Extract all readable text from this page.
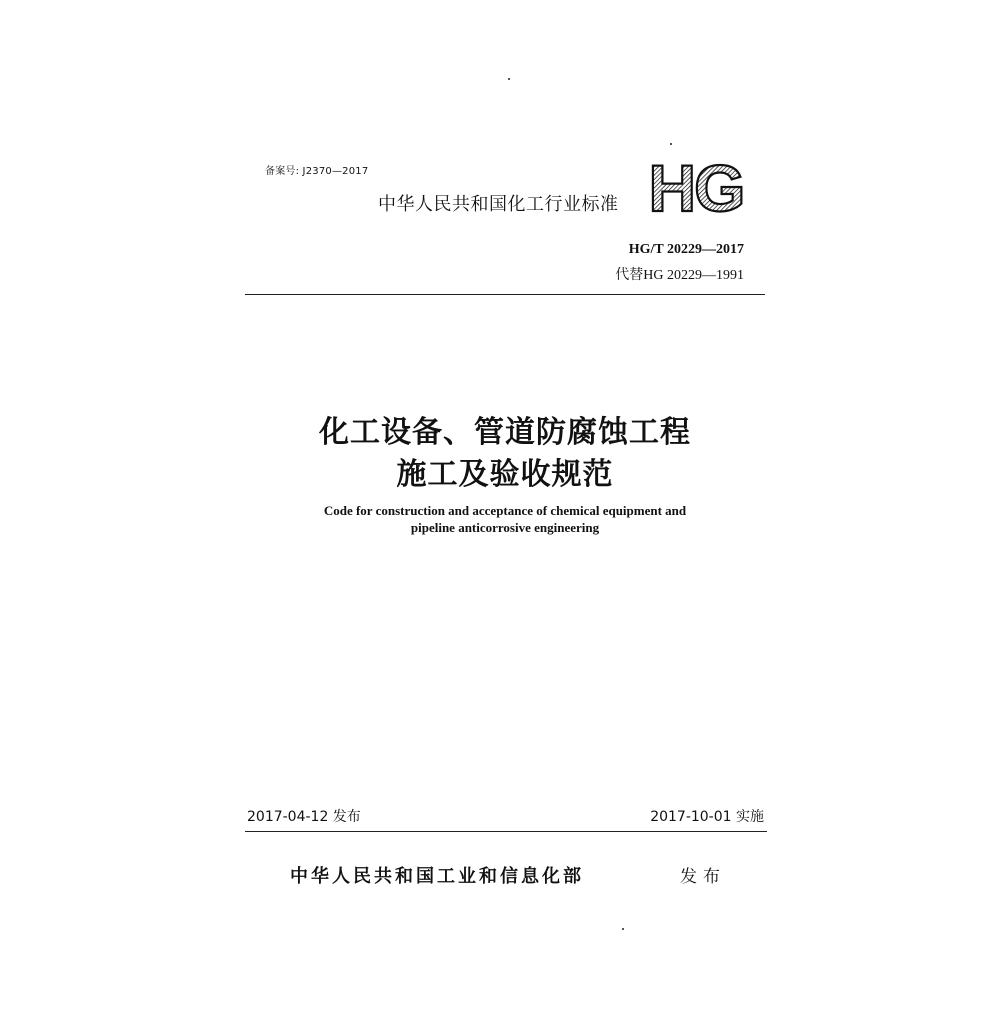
备案号: J2370—2017
中华人民共和国化工行业标准 HG
HG/T 20229—2017
代替HG 20229—1991
化工设备、管道防腐蚀工程
施工及验收规范
Code for construction and acceptance of chemical equipment and
pipeline anticorrosive engineering
2017-04-12 发布	2017-10-01 实施
中华人民共和国工业和信息化部	发布
